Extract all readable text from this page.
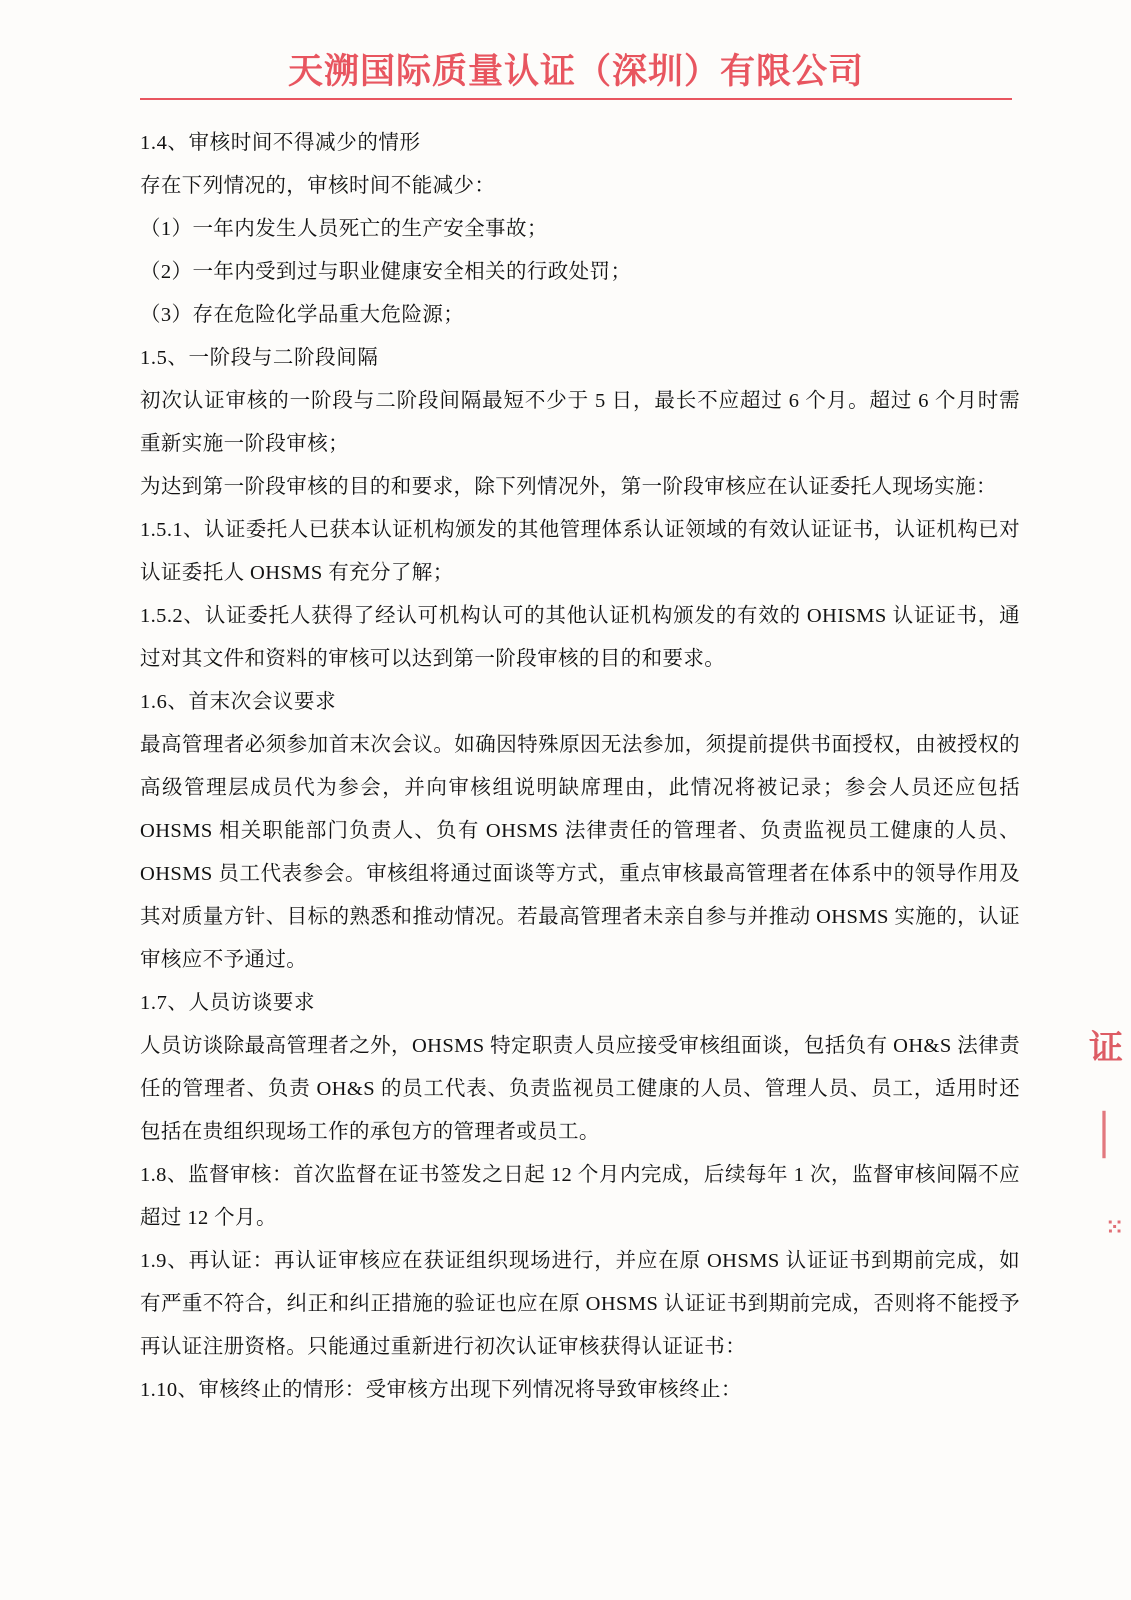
天溯国际质量认证（深圳）有限公司

1.4、审核时间不得减少的情形

存在下列情况的，审核时间不能减少：

（1）一年内发生人员死亡的生产安全事故；

（2）一年内受到过与职业健康安全相关的行政处罚；

（3）存在危险化学品重大危险源；

1.5、一阶段与二阶段间隔

初次认证审核的一阶段与二阶段间隔最短不少于 5 日，最长不应超过 6 个月。超过 6 个月时需重新实施一阶段审核；

为达到第一阶段审核的目的和要求，除下列情况外，第一阶段审核应在认证委托人现场实施：

1.5.1、认证委托人已获本认证机构颁发的其他管理体系认证领域的有效认证证书，认证机构已对认证委托人 OHSMS 有充分了解；

1.5.2、认证委托人获得了经认可机构认可的其他认证机构颁发的有效的 OHISMS 认证证书，通过对其文件和资料的审核可以达到第一阶段审核的目的和要求。

1.6、首末次会议要求

最高管理者必须参加首末次会议。如确因特殊原因无法参加，须提前提供书面授权，由被授权的高级管理层成员代为参会，并向审核组说明缺席理由，此情况将被记录；参会人员还应包括 OHSMS 相关职能部门负责人、负有 OHSMS 法律责任的管理者、负责监视员工健康的人员、OHSMS 员工代表参会。审核组将通过面谈等方式，重点审核最高管理者在体系中的领导作用及其对质量方针、目标的熟悉和推动情况。若最高管理者未亲自参与并推动 OHSMS 实施的，认证审核应不予通过。

1.7、人员访谈要求

人员访谈除最高管理者之外，OHSMS 特定职责人员应接受审核组面谈，包括负有 OH&S 法律责任的管理者、负责 OH&S 的员工代表、负责监视员工健康的人员、管理人员、员工，适用时还包括在贵组织现场工作的承包方的管理者或员工。

1.8、监督审核：首次监督在证书签发之日起 12 个月内完成，后续每年 1 次，监督审核间隔不应超过 12 个月。

1.9、再认证：再认证审核应在获证组织现场进行，并应在原 OHSMS 认证证书到期前完成，如有严重不符合，纠正和纠正措施的验证也应在原 OHSMS 认证证书到期前完成，否则将不能授予再认证注册资格。只能通过重新进行初次认证审核获得认证证书：

1.10、审核终止的情形：受审核方出现下列情况将导致审核终止：

证
｜
⁙
